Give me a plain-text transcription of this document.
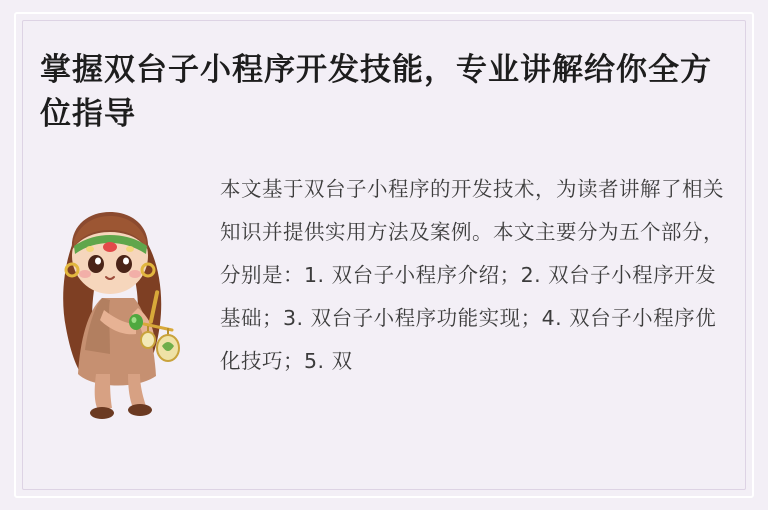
掌握双台子小程序开发技能，专业讲解给你全方位指导
本文基于双台子小程序的开发技术，为读者讲解了相关知识并提供实用方法及案例。本文主要分为五个部分，分别是：1. 双台子小程序介绍；2. 双台子小程序开发基础；3. 双台子小程序功能实现；4. 双台子小程序优化技巧；5. 双
